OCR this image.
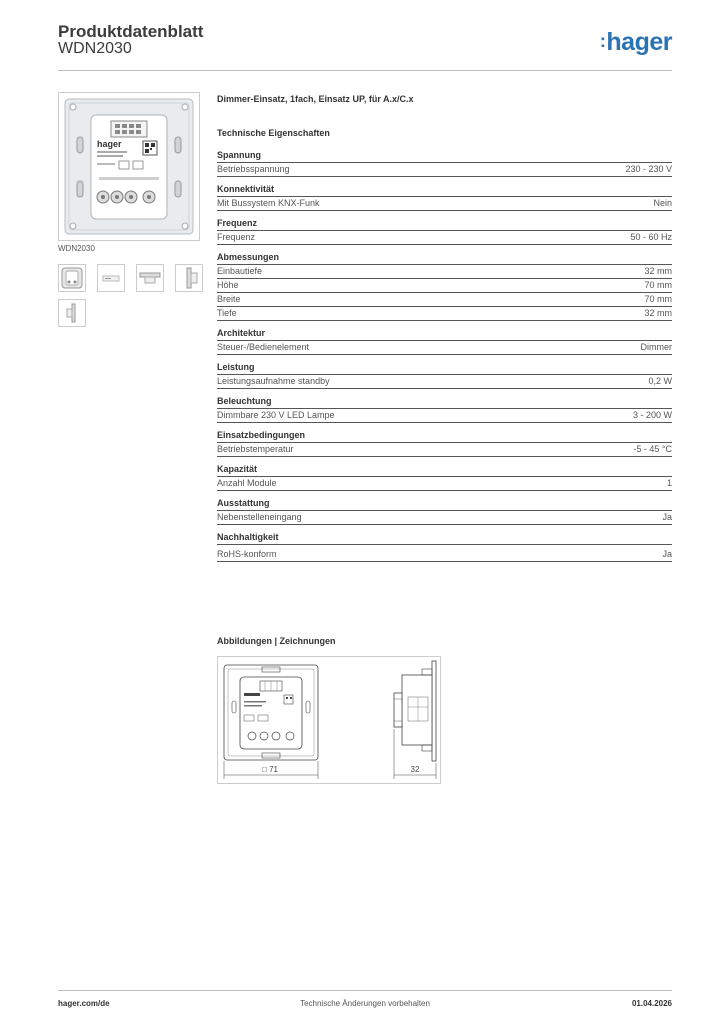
Produktdatenblatt
WDN2030	:hager
hager
WDN2030
Dimmer-Einsatz, 1fach, Einsatz UP, für A.x/C.x
Technische Eigenschaften
Spannung
Betriebsspannung	230 - 230 V
Konnektivität
Mit Bussystem KNX-Funk	Nein
Frequenz
Frequenz	50 - 60 Hz
Abmessungen
Einbautiefe	32 mm
Höhe	70 mm
Breite	70 mm
Tiefe	32 mm
Architektur
Steuer-/Bedienelement	Dimmer
Leistung
Leistungsaufnahme standby	0,2 W
Beleuchtung
Dimmbare 230 V LED Lampe	3 - 200 W
Einsatzbedingungen
Betriebstemperatur	-5 - 45 °C
Kapazität
Anzahl Module	1
Ausstattung
Nebenstelleneingang	Ja
Nachhaltigkeit
RoHS-konform	Ja
Abbildungen | Zeichnungen
□ 71	32
hager.com/de	Technische Änderungen vorbehalten	01.04.2026
